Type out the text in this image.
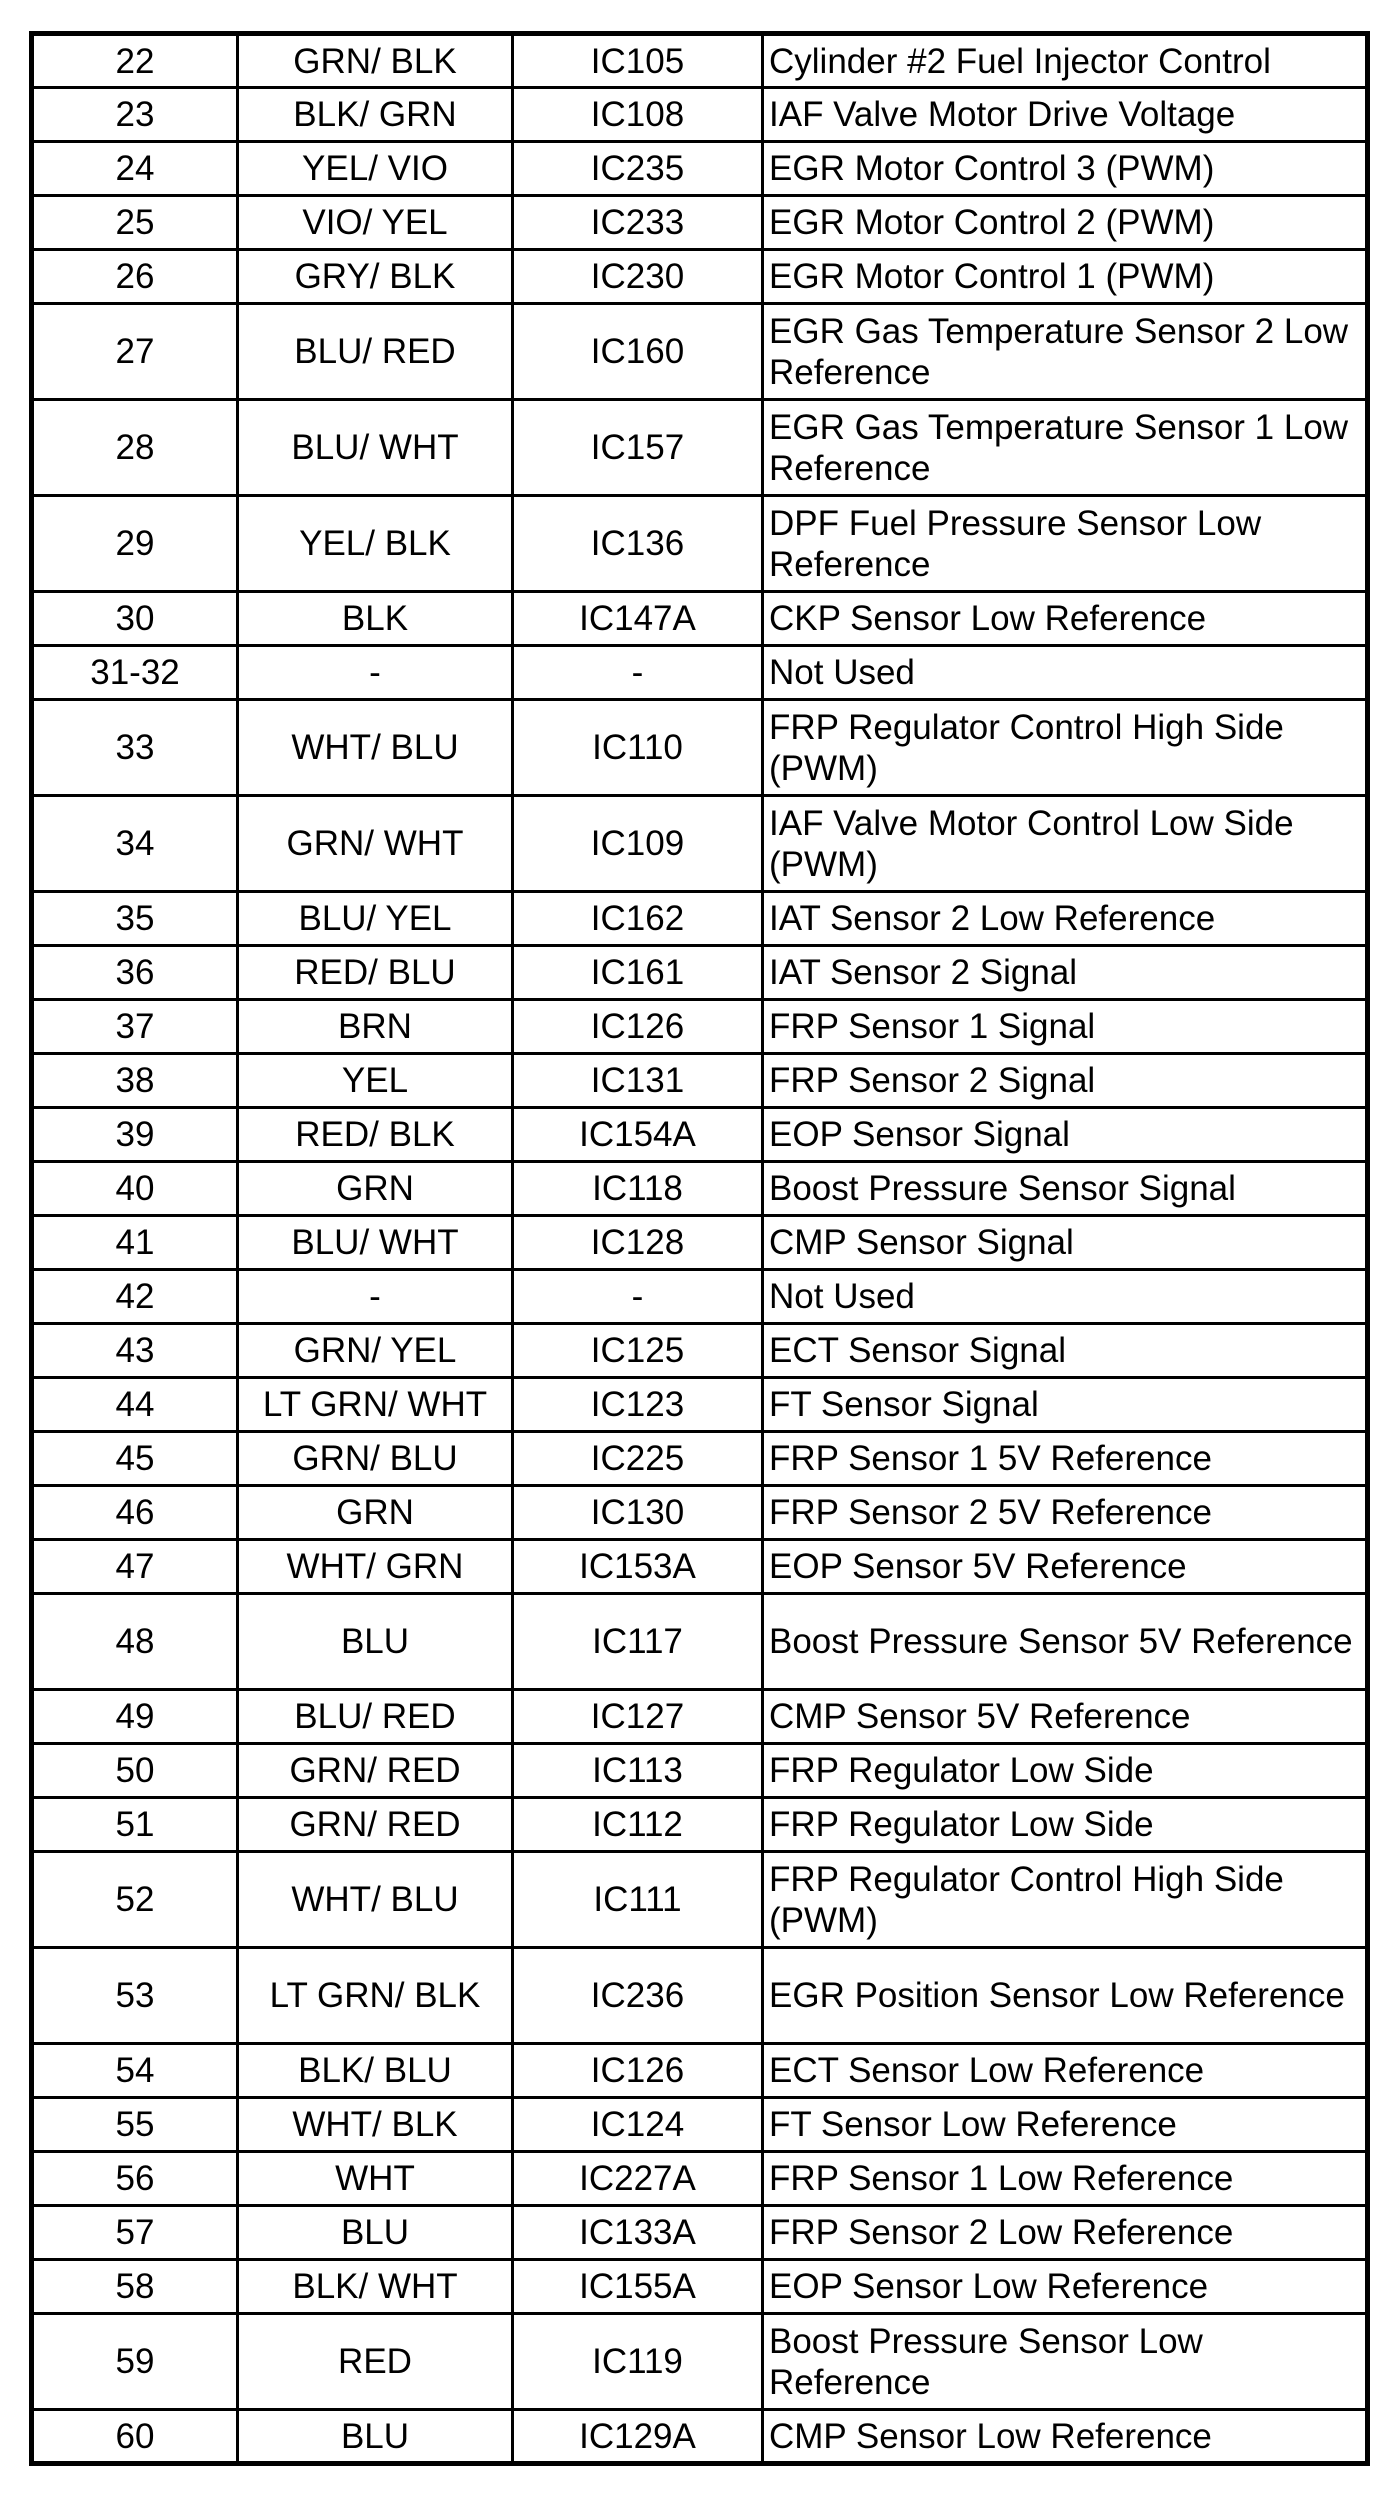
22	GRN/ BLK	IC105	Cylinder #2 Fuel Injector Control
23	BLK/ GRN	IC108	IAF Valve Motor Drive Voltage
24	YEL/ VIO	IC235	EGR Motor Control 3 (PWM)
25	VIO/ YEL	IC233	EGR Motor Control 2 (PWM)
26	GRY/ BLK	IC230	EGR Motor Control 1 (PWM)
27	BLU/ RED	IC160	EGR Gas Temperature Sensor 2 Low Reference
28	BLU/ WHT	IC157	EGR Gas Temperature Sensor 1 Low Reference
29	YEL/ BLK	IC136	DPF Fuel Pressure Sensor Low Reference
30	BLK	IC147A	CKP Sensor Low Reference
31-32	-	-	Not Used
33	WHT/ BLU	IC110	FRP Regulator Control High Side (PWM)
34	GRN/ WHT	IC109	IAF Valve Motor Control Low Side (PWM)
35	BLU/ YEL	IC162	IAT Sensor 2 Low Reference
36	RED/ BLU	IC161	IAT Sensor 2 Signal
37	BRN	IC126	FRP Sensor 1 Signal
38	YEL	IC131	FRP Sensor 2 Signal
39	RED/ BLK	IC154A	EOP Sensor Signal
40	GRN	IC118	Boost Pressure Sensor Signal
41	BLU/ WHT	IC128	CMP Sensor Signal
42	-	-	Not Used
43	GRN/ YEL	IC125	ECT Sensor Signal
44	LT GRN/ WHT	IC123	FT Sensor Signal
45	GRN/ BLU	IC225	FRP Sensor 1 5V Reference
46	GRN	IC130	FRP Sensor 2 5V Reference
47	WHT/ GRN	IC153A	EOP Sensor 5V Reference
48	BLU	IC117	Boost Pressure Sensor 5V Reference
49	BLU/ RED	IC127	CMP Sensor 5V Reference
50	GRN/ RED	IC113	FRP Regulator Low Side
51	GRN/ RED	IC112	FRP Regulator Low Side
52	WHT/ BLU	IC111	FRP Regulator Control High Side (PWM)
53	LT GRN/ BLK	IC236	EGR Position Sensor Low Reference
54	BLK/ BLU	IC126	ECT Sensor Low Reference
55	WHT/ BLK	IC124	FT Sensor Low Reference
56	WHT	IC227A	FRP Sensor 1 Low Reference
57	BLU	IC133A	FRP Sensor 2 Low Reference
58	BLK/ WHT	IC155A	EOP Sensor Low Reference
59	RED	IC119	Boost Pressure Sensor Low Reference
60	BLU	IC129A	CMP Sensor Low Reference
